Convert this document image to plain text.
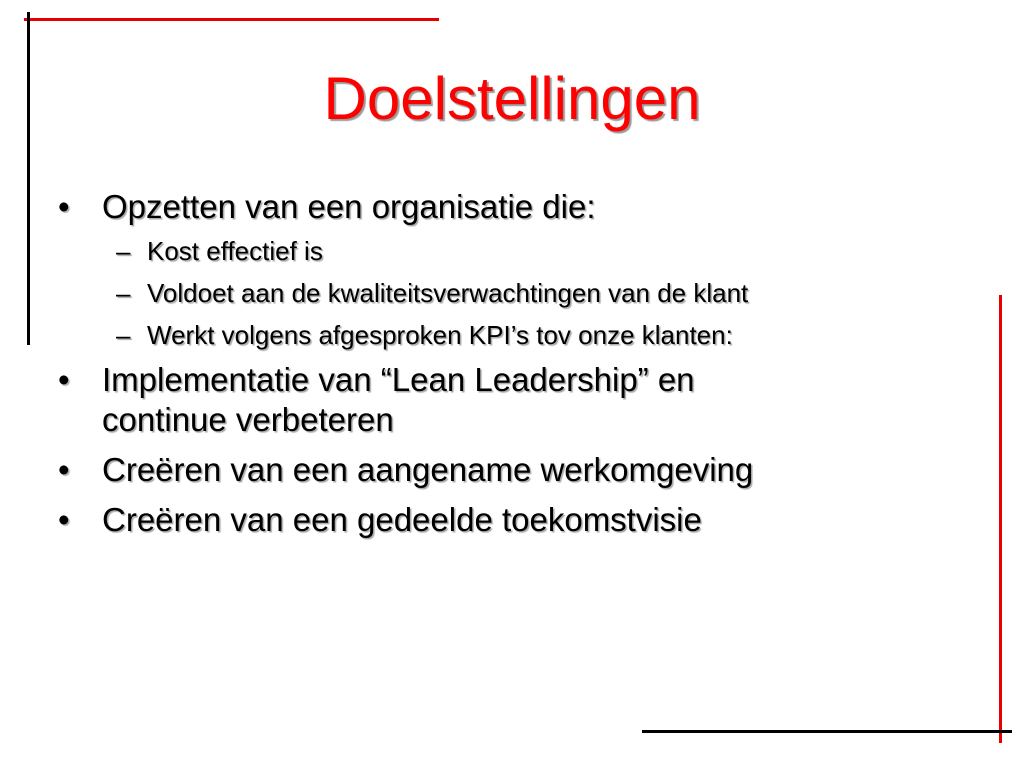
Doelstellingen
• Opzetten van een organisatie die:
– Kost effectief is
– Voldoet aan de kwaliteitsverwachtingen van de klant
– Werkt volgens afgesproken KPI’s tov onze klanten:
• Implementatie van “Lean Leadership” en
continue verbeteren
• Creëren van een aangename werkomgeving
• Creëren van een gedeelde toekomstvisie
